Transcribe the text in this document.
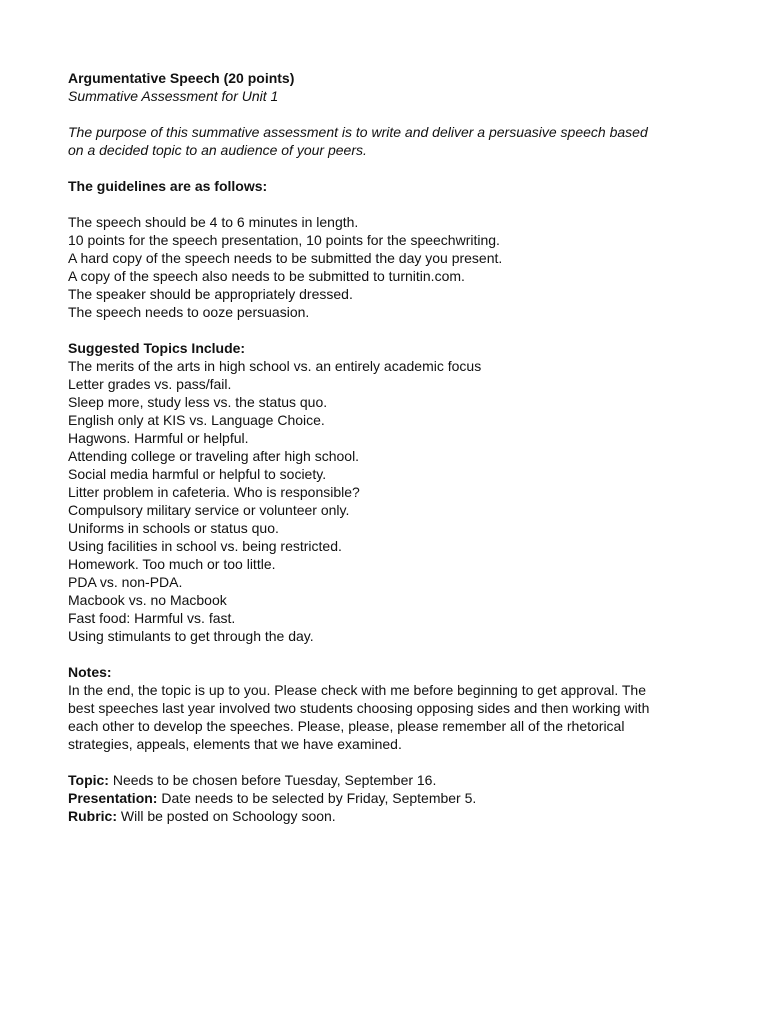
Argumentative Speech (20 points)
Summative Assessment for Unit 1
The purpose of this summative assessment is to write and deliver a persuasive speech based
on a decided topic to an audience of your peers.
The guidelines are as follows:
The speech should be 4 to 6 minutes in length.
10 points for the speech presentation, 10 points for the speechwriting.
A hard copy of the speech needs to be submitted the day you present.
A copy of the speech also needs to be submitted to turnitin.com.
The speaker should be appropriately dressed.
The speech needs to ooze persuasion.
Suggested Topics Include:
The merits of the arts in high school vs. an entirely academic focus
Letter grades vs. pass/fail.
Sleep more, study less vs. the status quo.
English only at KIS vs. Language Choice.
Hagwons. Harmful or helpful.
Attending college or traveling after high school.
Social media harmful or helpful to society.
Litter problem in cafeteria. Who is responsible?
Compulsory military service or volunteer only.
Uniforms in schools or status quo.
Using facilities in school vs. being restricted.
Homework. Too much or too little.
PDA vs. non-PDA.
Macbook vs. no Macbook
Fast food: Harmful vs. fast.
Using stimulants to get through the day.
Notes:
In the end, the topic is up to you. Please check with me before beginning to get approval. The
best speeches last year involved two students choosing opposing sides and then working with
each other to develop the speeches. Please, please, please remember all of the rhetorical
strategies, appeals, elements that we have examined.
Topic: Needs to be chosen before Tuesday, September 16.
Presentation: Date needs to be selected by Friday, September 5.
Rubric: Will be posted on Schoology soon.
